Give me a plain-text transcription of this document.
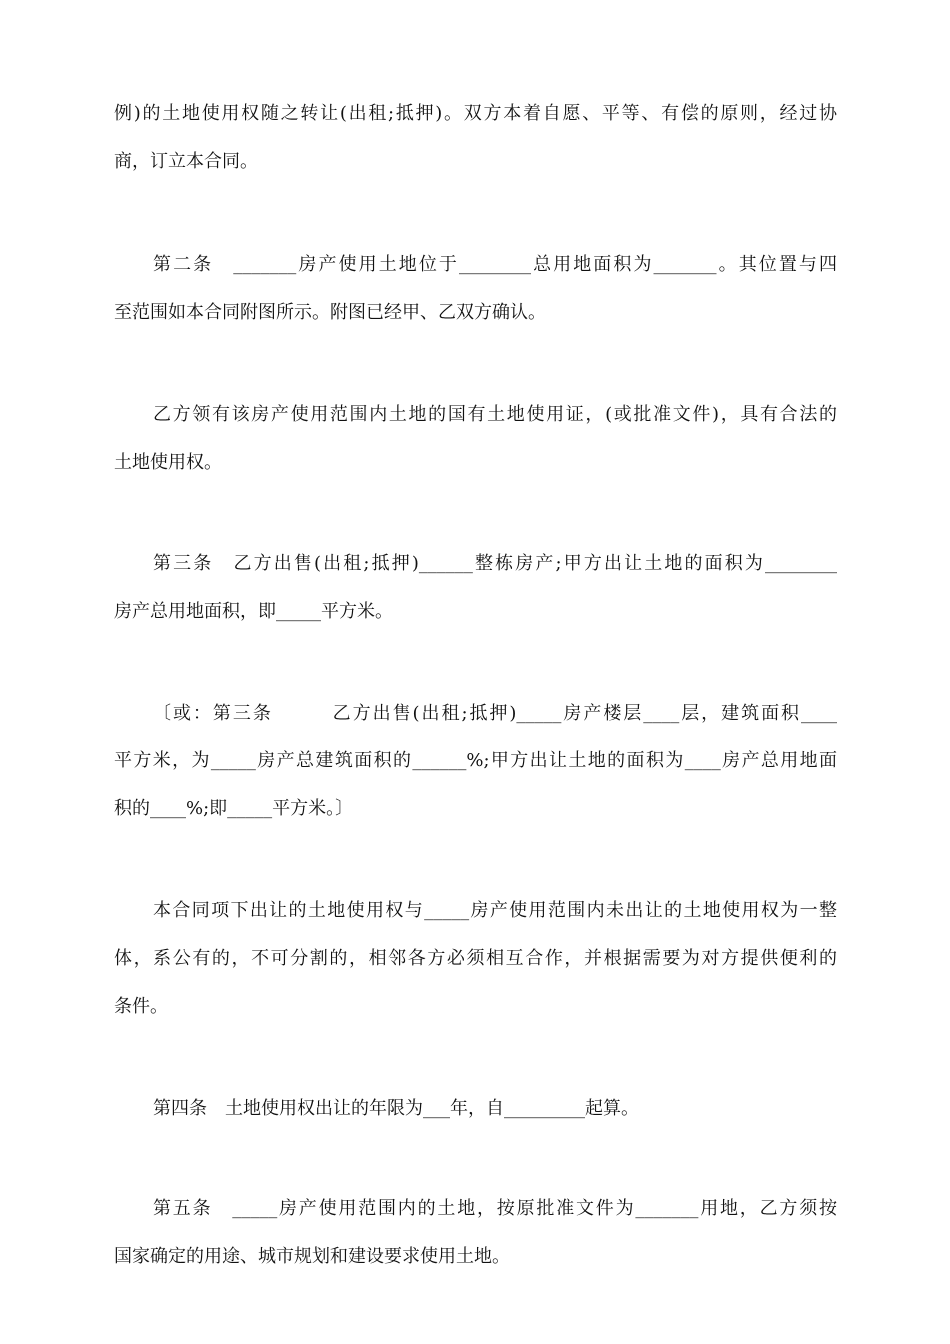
例)的土地使用权随之转让(出租;抵押)。双方本着自愿、平等、有偿的原则，经过协
商，订立本合同。
第二条　_______房产使用土地位于________总用地面积为_______。其位置与四
至范围如本合同附图所示。附图已经甲、乙双方确认。
乙方领有该房产使用范围内土地的国有土地使用证，(或批准文件)，具有合法的
土地使用权。
第三条　乙方出售(出租;抵押)______整栋房产;甲方出让土地的面积为________
房产总用地面积，即_____平方米。
〔或：第三条　　　乙方出售(出租;抵押)_____房产楼层____层，建筑面积____
平方米，为_____房产总建筑面积的______%;甲方出让土地的面积为____房产总用地面
积的____%;即_____平方米。〕
本合同项下出让的土地使用权与_____房产使用范围内未出让的土地使用权为一整
体，系公有的，不可分割的，相邻各方必须相互合作，并根据需要为对方提供便利的
条件。
第四条　土地使用权出让的年限为___年，自_________起算。
第五条　_____房产使用范围内的土地，按原批准文件为_______用地，乙方须按
国家确定的用途、城市规划和建设要求使用土地。
